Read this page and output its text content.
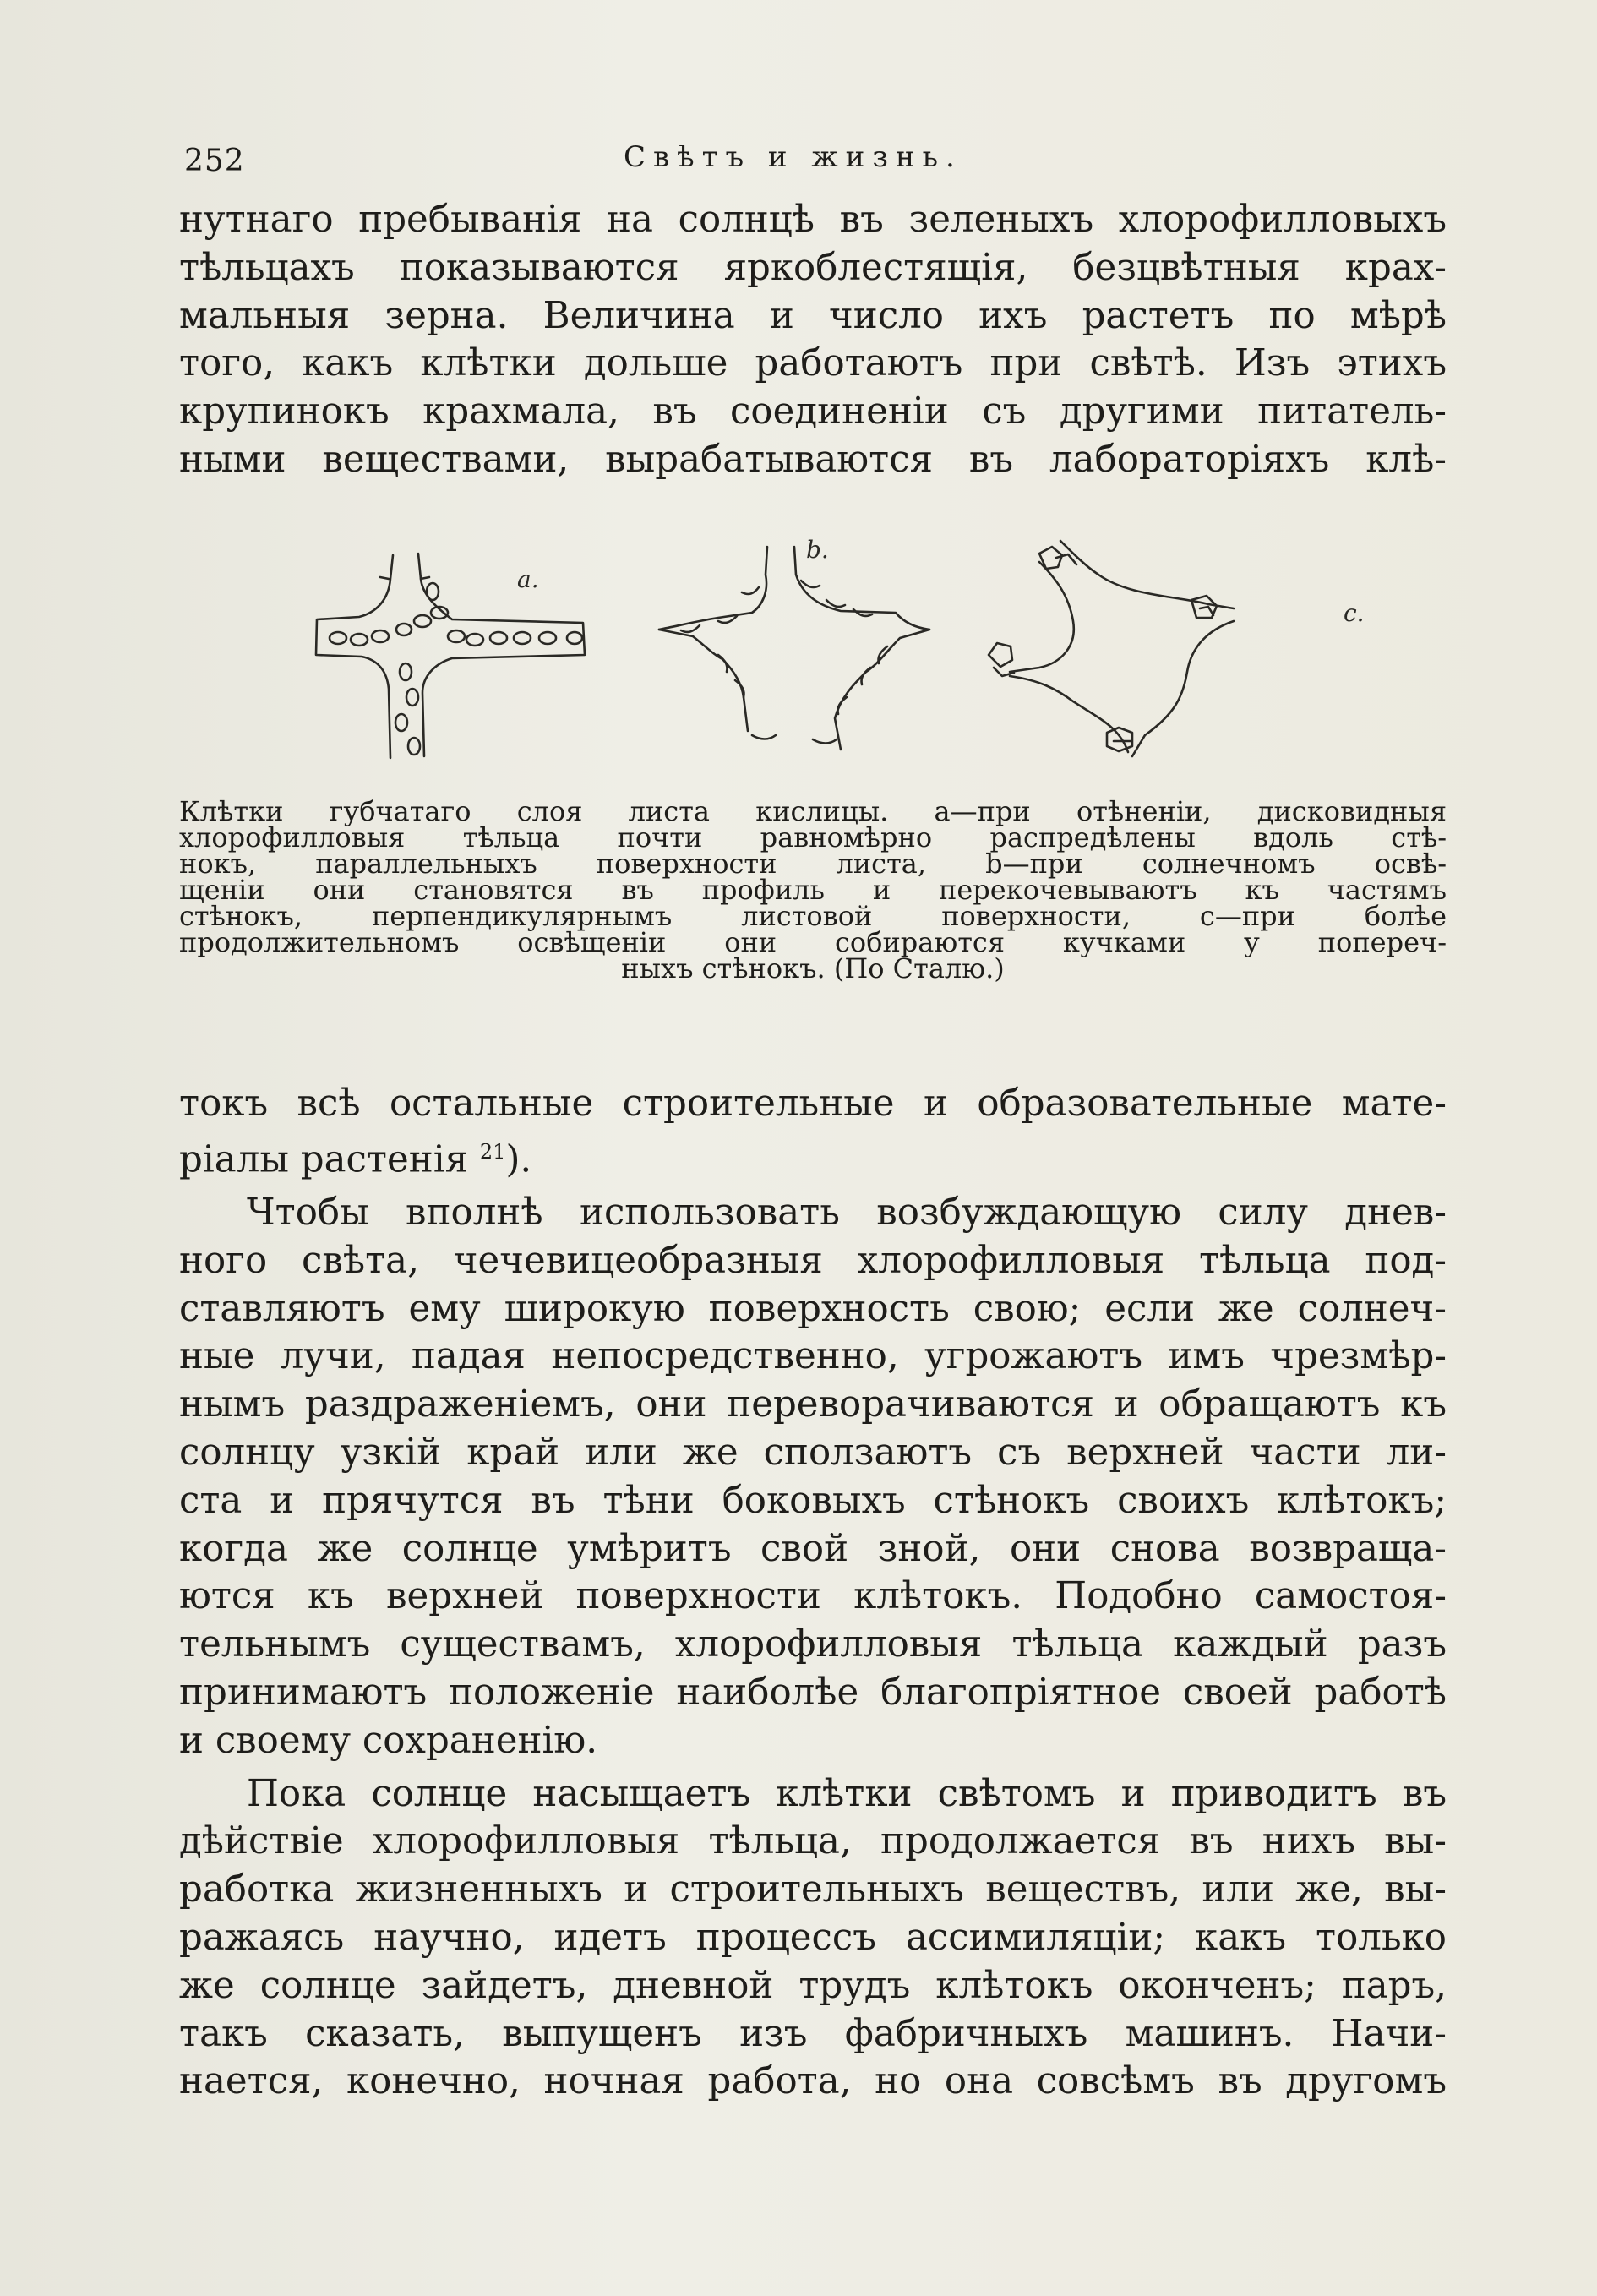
252	Свѣтъ и жизнь.
нутнаго пребыванія на солнцѣ въ зеленыхъ хлорофилловыхъ
тѣльцахъ показываются яркоблестящія, безцвѣтныя крах-
мальныя зерна. Величина и число ихъ растетъ по мѣрѣ
того, какъ клѣтки дольше работаютъ при свѣтѣ. Изъ этихъ
крупинокъ крахмала, въ соединеніи съ другими питатель-
ными веществами, вырабатываются въ лабораторіяхъ клѣ-
a.
b.
c.
Клѣтки губчатаго слоя листа кислицы. a—при отѣненіи, дисковидныя
хлорофилловыя тѣльца почти равномѣрно распредѣлены вдоль стѣ-
нокъ, параллельныхъ поверхности листа, b—при солнечномъ освѣ-
щеніи они становятся въ профиль и перекочевываютъ къ частямъ
стѣнокъ, перпендикулярнымъ листовой поверхности, c—при болѣе
продолжительномъ освѣщеніи они собираются кучками у попереч-
ныхъ стѣнокъ. (По Сталю.)
токъ всѣ остальные строительные и образовательные мате-
ріалы растенія $^{21}$).
Чтобы вполнѣ использовать возбуждающую силу днев-
ного свѣта, чечевицеобразныя хлорофилловыя тѣльца под-
ставляютъ ему широкую поверхность свою; если же солнеч-
ные лучи, падая непосредственно, угрожаютъ имъ чрезмѣр-
нымъ раздраженіемъ, они переворачиваются и обращаютъ къ
солнцу узкій край или же сползаютъ съ верхней части ли-
ста и прячутся въ тѣни боковыхъ стѣнокъ своихъ клѣтокъ;
когда же солнце умѣритъ свой зной, они снова возвраща-
ются къ верхней поверхности клѣтокъ. Подобно самостоя-
тельнымъ существамъ, хлорофилловыя тѣльца каждый разъ
принимаютъ положеніе наиболѣе благопріятное своей работѣ
и своему сохраненію.
Пока солнце насыщаетъ клѣтки свѣтомъ и приводитъ въ
дѣйствіе хлорофилловыя тѣльца, продолжается въ нихъ вы-
работка жизненныхъ и строительныхъ веществъ, или же, вы-
ражаясь научно, идетъ процессъ ассимиляціи; какъ только
же солнце зайдетъ, дневной трудъ клѣтокъ оконченъ; паръ,
такъ сказать, выпущенъ изъ фабричныхъ машинъ. Начи-
нается, конечно, ночная работа, но она совсѣмъ въ другомъ
